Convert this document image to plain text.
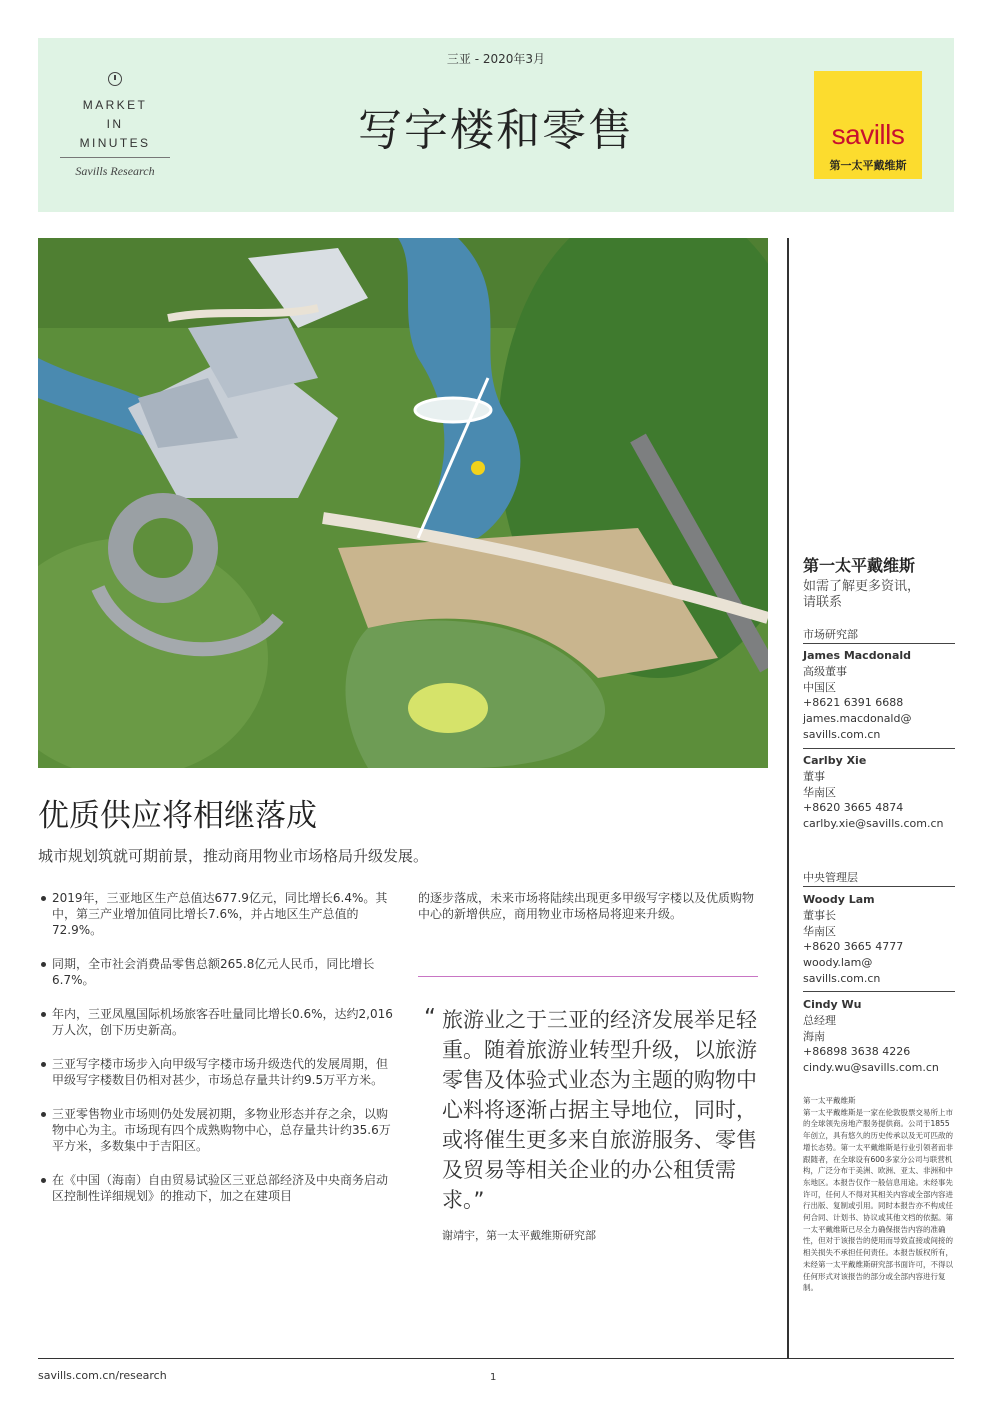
MARKET
IN
MINUTES
Savills Research
三亚 - 2020年3月
写字楼和零售	savills
第一太平戴维斯
优质供应将相继落成
城市规划筑就可期前景，推动商用物业市场格局升级发展。
2019年，三亚地区生产总值达677.9亿元，同比增长6.4%。其中，第三产业增加值同比增长7.6%，并占地区生产总值的72.9%。
同期，全市社会消费品零售总额265.8亿元人民币，同比增长6.7%。
年内，三亚凤凰国际机场旅客吞吐量同比增长0.6%，达约2,016万人次，创下历史新高。
三亚写字楼市场步入向甲级写字楼市场升级迭代的发展周期，但甲级写字楼数目仍相对甚少，市场总存量共计约9.5万平方米。
三亚零售物业市场则仍处发展初期，多物业形态并存之余，以购物中心为主。市场现有四个成熟购物中心，总存量共计约35.6万平方米，多数集中于吉阳区。
在《中国（海南）自由贸易试验区三亚总部经济及中央商务启动区控制性详细规划》的推动下，加之在建项目
的逐步落成，未来市场将陆续出现更多甲级写字楼以及优质购物中心的新增供应，商用物业市场格局将迎来升级。
“ 旅游业之于三亚的经济发展举足轻重。随着旅游业转型升级，以旅游零售及体验式业态为主题的购物中心料将逐渐占据主导地位，同时，或将催生更多来自旅游服务、零售及贸易等相关企业的办公租赁需求。”
谢靖宇，第一太平戴维斯研究部
第一太平戴维斯
如需了解更多资讯，
请联系
市场研究部
James Macdonald
高级董事
中国区
+8621 6391 6688
james.macdonald@
savills.com.cn
Carlby Xie
董事
华南区
+8620 3665 4874
carlby.xie@savills.com.cn
中央管理层
Woody Lam
董事长
华南区
+8620 3665 4777
woody.lam@
savills.com.cn
Cindy Wu
总经理
海南
+86898 3638 4226
cindy.wu@savills.com.cn
第一太平戴维斯
第一太平戴维斯是一家在伦敦股票交易所上市的全球领先房地产服务提供商。公司于1855年创立，具有悠久的历史传承以及无可匹敌的增长态势。第一太平戴维斯是行业引领者而非跟随者，在全球设有600多家分公司与联营机构，广泛分布于美洲、欧洲、亚太、非洲和中东地区。本报告仅作一般信息用途。未经事先许可，任何人不得对其相关内容或全部内容进行出版、复制或引用。同时本报告亦不构成任何合同、计划书、协议或其他文档的依据。第一太平戴维斯已尽全力确保报告内容的准确性，但对于该报告的使用而导致直接或间接的相关损失不承担任何责任。本报告版权所有，未经第一太平戴维斯研究部书面许可，不得以任何形式对该报告的部分或全部内容进行复制。
savills.com.cn/research	1
